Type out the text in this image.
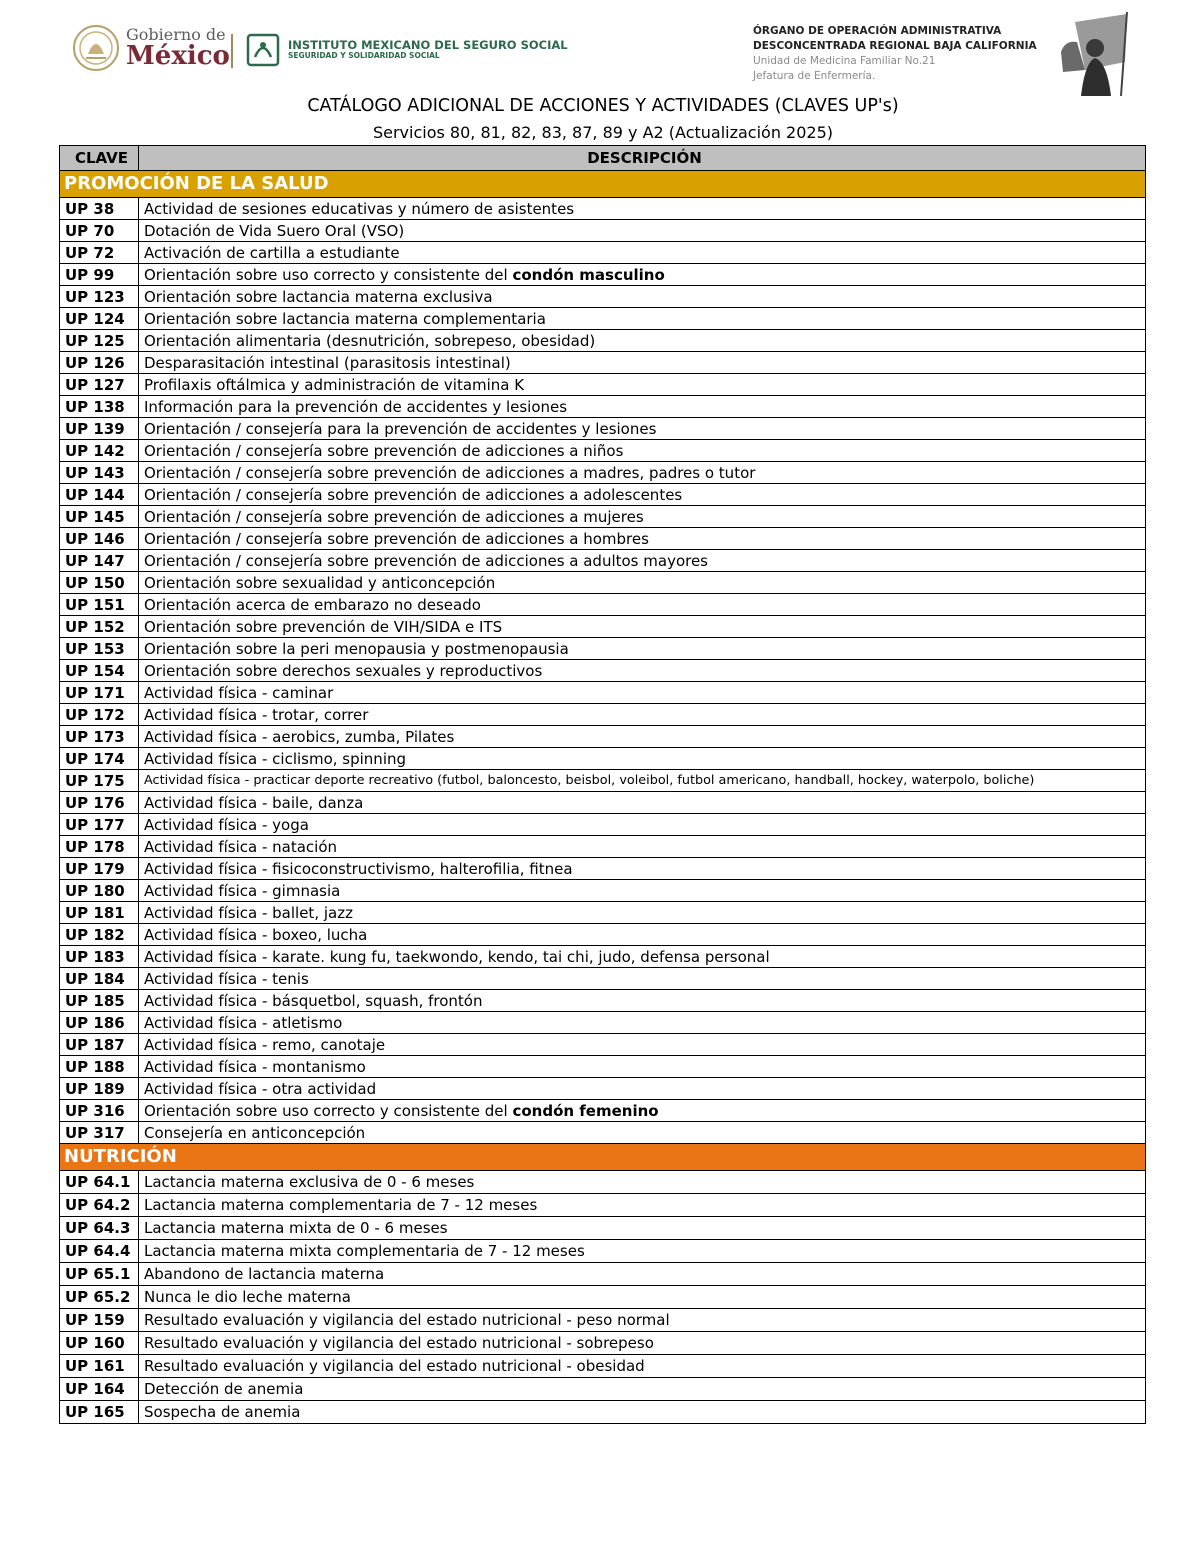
Gobierno de
México	INSTITUTO MEXICANO DEL SEGURO SOCIAL
SEGURIDAD Y SOLIDARIDAD SOCIAL
ÓRGANO DE OPERACIÓN ADMINISTRATIVA
DESCONCENTRADA REGIONAL BAJA CALIFORNIA
Unidad de Medicina Familiar No.21
Jefatura de Enfermería.
CATÁLOGO ADICIONAL DE ACCIONES Y ACTIVIDADES (CLAVES UP's)
Servicios 80, 81, 82, 83, 87, 89 y A2 (Actualización 2025)
CLAVE	DESCRIPCIÓN
PROMOCIÓN DE LA SALUD	
UP 38	Actividad de sesiones educativas y número de asistentes
UP 70	Dotación de Vida Suero Oral (VSO)
UP 72	Activación de cartilla a estudiante
UP 99	Orientación sobre uso correcto y consistente del condón masculino
UP 123	Orientación sobre lactancia materna exclusiva
UP 124	Orientación sobre lactancia materna complementaria
UP 125	Orientación alimentaria (desnutrición, sobrepeso, obesidad)
UP 126	Desparasitación intestinal (parasitosis intestinal)
UP 127	Profilaxis oftálmica y administración de vitamina K
UP 138	Información para la prevención de accidentes y lesiones
UP 139	Orientación / consejería para la prevención de accidentes y lesiones
UP 142	Orientación / consejería sobre prevención de adicciones a niños
UP 143	Orientación / consejería sobre prevención de adicciones a madres, padres o tutor
UP 144	Orientación / consejería sobre prevención de adicciones a adolescentes
UP 145	Orientación / consejería sobre prevención de adicciones a mujeres
UP 146	Orientación / consejería sobre prevención de adicciones a hombres
UP 147	Orientación / consejería sobre prevención de adicciones a adultos mayores
UP 150	Orientación sobre sexualidad y anticoncepción
UP 151	Orientación acerca de embarazo no deseado
UP 152	Orientación sobre prevención de VIH/SIDA e ITS
UP 153	Orientación sobre la peri menopausia y postmenopausia
UP 154	Orientación sobre derechos sexuales y reproductivos
UP 171	Actividad física - caminar
UP 172	Actividad física - trotar, correr
UP 173	Actividad física - aerobics, zumba, Pilates
UP 174	Actividad física - ciclismo, spinning
UP 175	Actividad física - practicar deporte recreativo (futbol, baloncesto, beisbol, voleibol, futbol americano, handball, hockey, waterpolo, boliche)
UP 176	Actividad física - baile, danza
UP 177	Actividad física - yoga
UP 178	Actividad física - natación
UP 179	Actividad física - fisicoconstructivismo, halterofilia, fitnea
UP 180	Actividad física - gimnasia
UP 181	Actividad física - ballet, jazz
UP 182	Actividad física - boxeo, lucha
UP 183	Actividad física - karate. kung fu, taekwondo, kendo, tai chi, judo, defensa personal
UP 184	Actividad física - tenis
UP 185	Actividad física - básquetbol, squash, frontón
UP 186	Actividad física - atletismo
UP 187	Actividad física - remo, canotaje
UP 188	Actividad física - montanismo
UP 189	Actividad física - otra actividad
UP 316	Orientación sobre uso correcto y consistente del condón femenino
UP 317	Consejería en anticoncepción
NUTRICIÓN	
UP 64.1	Lactancia materna exclusiva de 0 - 6 meses
UP 64.2	Lactancia materna complementaria de 7 - 12 meses
UP 64.3	Lactancia materna mixta de 0 - 6 meses
UP 64.4	Lactancia materna mixta complementaria de 7 - 12 meses
UP 65.1	Abandono de lactancia materna
UP 65.2	Nunca le dio leche materna
UP 159	Resultado evaluación y vigilancia del estado nutricional - peso normal
UP 160	Resultado evaluación y vigilancia del estado nutricional - sobrepeso
UP 161	Resultado evaluación y vigilancia del estado nutricional - obesidad
UP 164	Detección de anemia
UP 165	Sospecha de anemia
